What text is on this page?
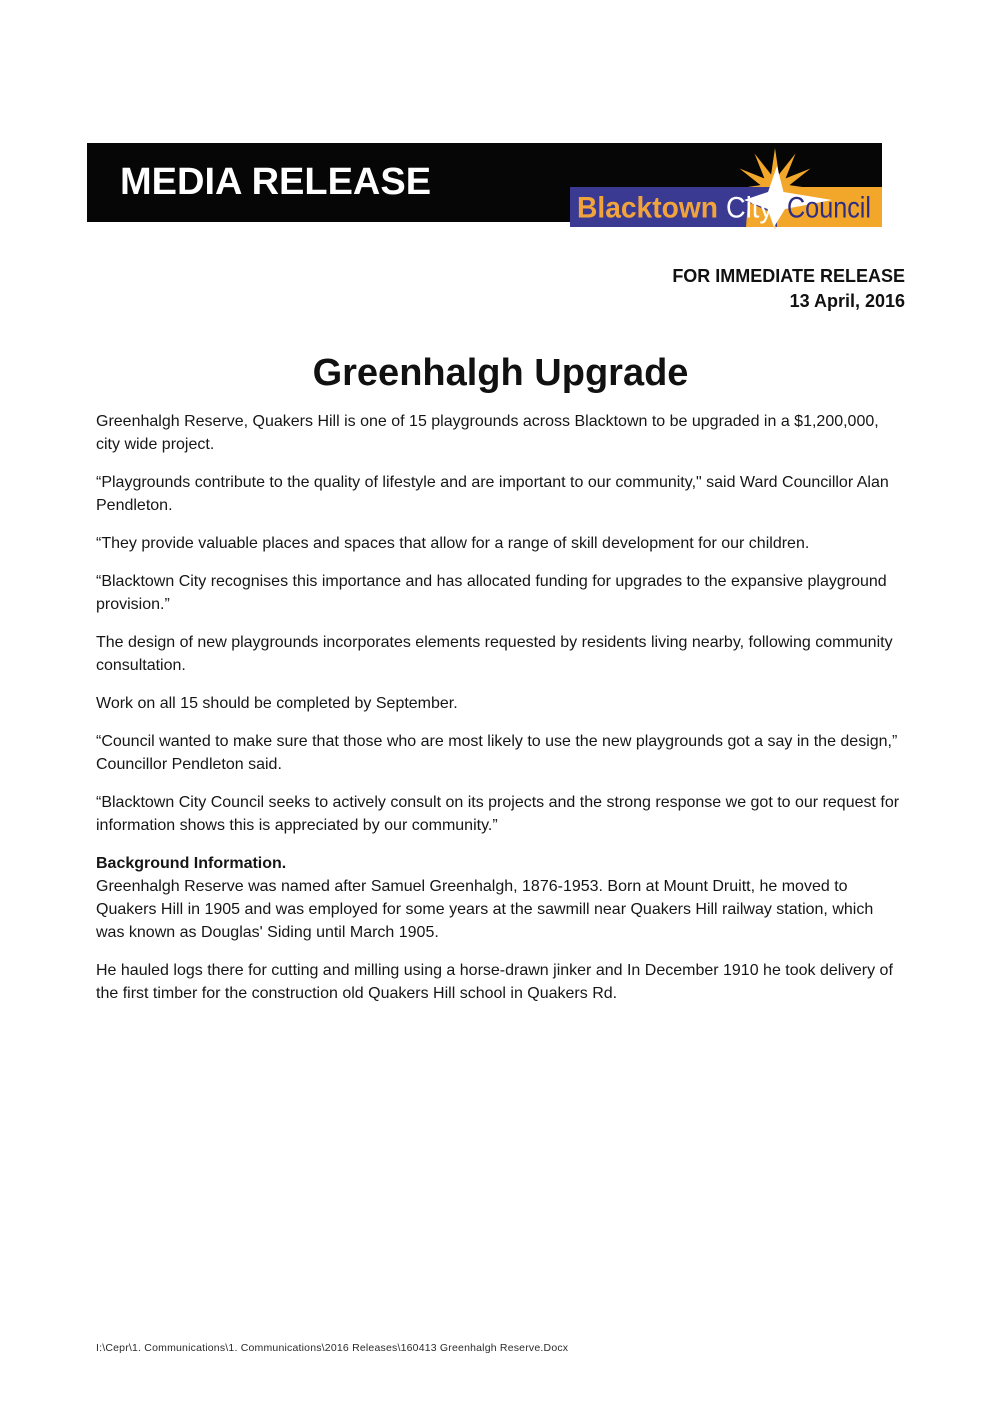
MEDIA RELEASE
Blacktown City Council
FOR IMMEDIATE RELEASE
13 April, 2016
Greenhalgh Upgrade

Greenhalgh Reserve, Quakers Hill is one of 15 playgrounds across Blacktown to be upgraded in a $1,200,000, city wide project.

“Playgrounds contribute to the quality of lifestyle and are important to our community," said Ward Councillor Alan Pendleton.

“They provide valuable places and spaces that allow for a range of skill development for our children.

“Blacktown City recognises this importance and has allocated funding for upgrades to the expansive playground provision.”

The design of new playgrounds incorporates elements requested by residents living nearby, following community consultation.

Work on all 15 should be completed by September.

“Council wanted to make sure that those who are most likely to use the new playgrounds got a say in the design,” Councillor Pendleton said.

“Blacktown City Council seeks to actively consult on its projects and the strong response we got to our request for information shows this is appreciated by our community.”

Background Information.
Greenhalgh Reserve was named after Samuel Greenhalgh, 1876-1953. Born at Mount Druitt, he moved to Quakers Hill in 1905 and was employed for some years at the sawmill near Quakers Hill railway station, which was known as Douglas' Siding until March 1905.

He hauled logs there for cutting and milling using a horse-drawn jinker and In December 1910 he took delivery of the first timber for the construction old Quakers Hill school in Quakers Rd.

I:\Cepr\1. Communications\1. Communications\2016 Releases\160413 Greenhalgh Reserve.Docx
